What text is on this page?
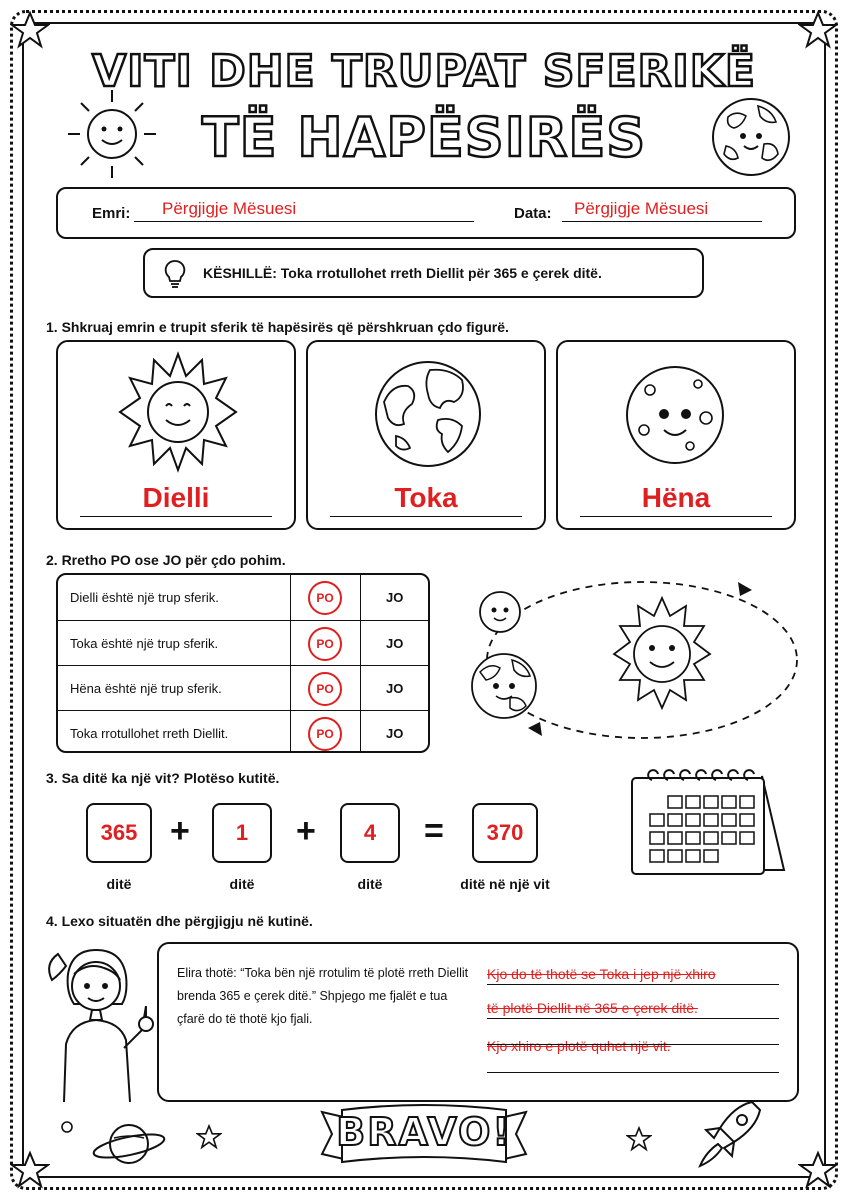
VITI DHE TRUPAT SFERIKË
TË HAPËSIRËS
Emri: Përgjigje Mësuesi	Data: Përgjigje Mësuesi
KËSHILLË: Toka rrotullohet rreth Diellit për 365 e çerek ditë.
1. Shkruaj emrin e trupit sferik të hapësirës që përshkruan çdo figurë.
Dielli	Toka	Hëna
2. Rretho PO ose JO për çdo pohim.
Dielli është një trup sferik.	PO	JO
Toka është një trup sferik.	PO	JO
Hëna është një trup sferik.	PO	JO
Toka rrotullohet rreth Diellit.	PO	JO
3. Sa ditë ka një vit? Plotëso kutitë.
365 +	1	+	4	=	370
ditë	ditë	ditë	ditë në një vit
4. Lexo situatën dhe përgjigju në kutinë.
Elira thotë: “Toka bën një rrotulim të plotë rreth Diellit brenda 365 e çerek ditë.” Shpjego me fjalët e tua çfarë do të thotë kjo fjali.
Kjo do të thotë se Toka i jep një xhiro
të plotë Diellit në 365 e çerek ditë.
Kjo xhiro e plotë quhet një vit.
BRAVO!
